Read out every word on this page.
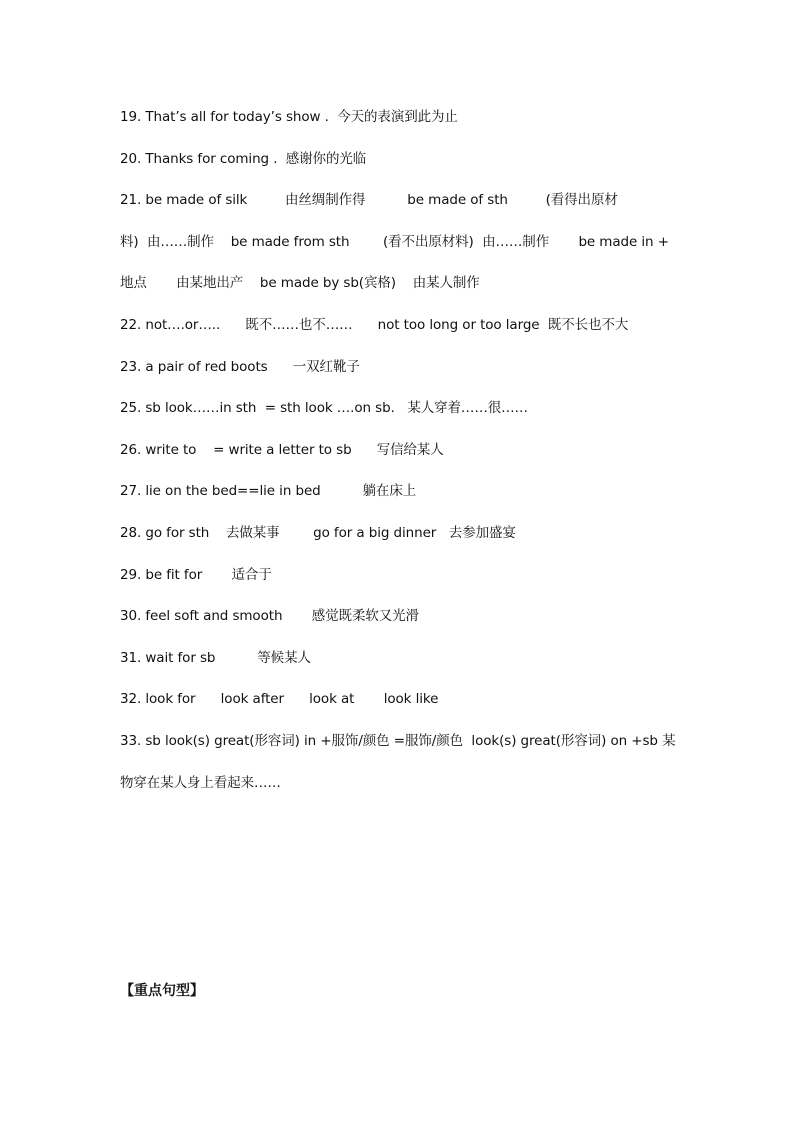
19. That’s all for today’s show .  今天的表演到此为止
20. Thanks for coming .  感谢你的光临
21. be made of silk         由丝绸制作得          be made of sth         (看得出原材
料)  由……制作    be made from sth        (看不出原材料)  由……制作       be made in +
地点       由某地出产    be made by sb(宾格)    由某人制作
22. not….or…..      既不……也不……      not too long or too large  既不长也不大
23. a pair of red boots      一双红靴子
25. sb look……in sth  = sth look ….on sb.   某人穿着……很……
26. write to    = write a letter to sb      写信给某人
27. lie on the bed==lie in bed          躺在床上
28. go for sth    去做某事        go for a big dinner   去参加盛宴
29. be fit for       适合于
30. feel soft and smooth       感觉既柔软又光滑
31. wait for sb          等候某人
32. look for      look after      look at       look like
33. sb look(s) great(形容词) in +服饰/颜色 =服饰/颜色  look(s) great(形容词) on +sb 某
物穿在某人身上看起来……
【重点句型】
